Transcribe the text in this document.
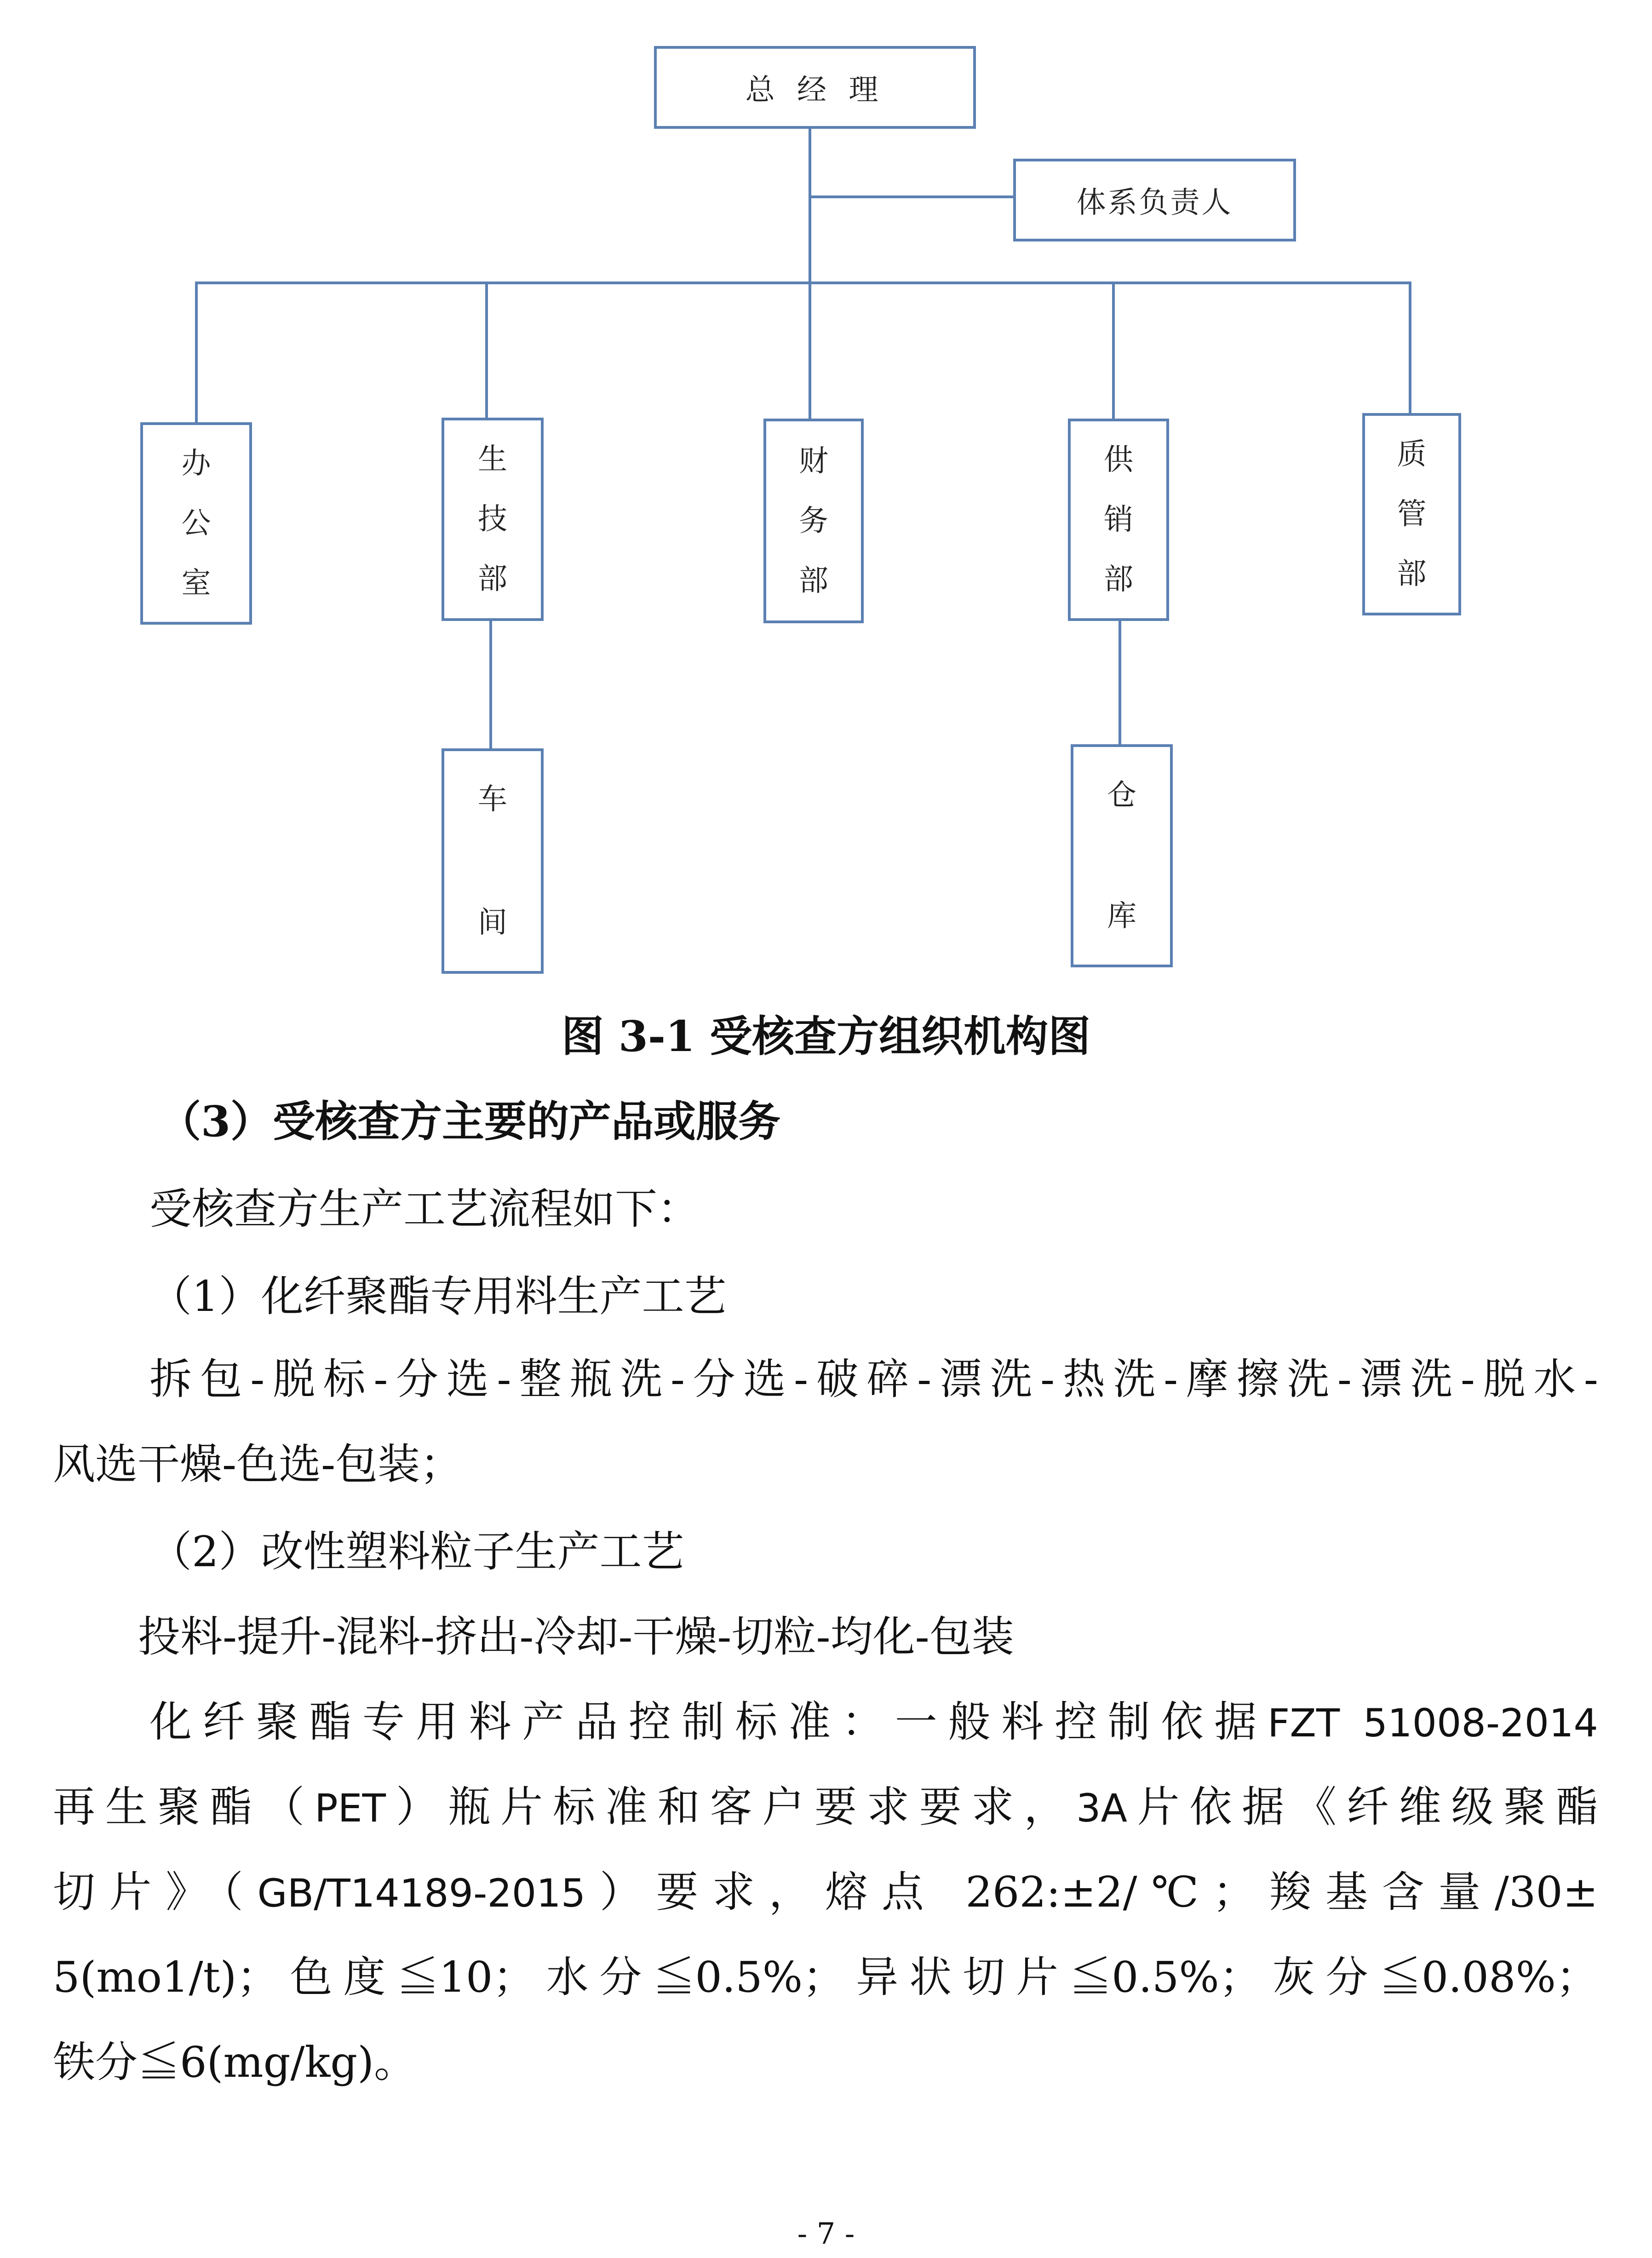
总 经 理
体系负责人
办
公
室
生
技
部
财
务
部
供
销
部
质
管
部
车
间
仓
库
图 3-1 受核查方组织机构图
（3）受核查方主要的产品或服务
受核查方生产工艺流程如下：
（1）化纤聚酯专用料生产工艺
拆包-脱标-分选-整瓶洗-分选-破碎-漂洗-热洗-摩擦洗-漂洗-脱水-
风选干燥-色选-包装；
（2）改性塑料粒子生产工艺
投料-提升-混料-挤出-冷却-干燥-切粒-均化-包装
化纤聚酯专用料产品控制标准：一般料控制依据FZT 51008-2014
再生聚酯（PET）瓶片标准和客户要求要求，3A片依据《纤维级聚酯
切片》（GB/T14189-2015）要求，熔点 262:±2/℃；羧基含量/30±
5(mo1/t)；色度≦10；水分≦0.5%；异状切片≦0.5%；灰分≦0.08%；
铁分≦6(mg/kg)。
- 7 -
